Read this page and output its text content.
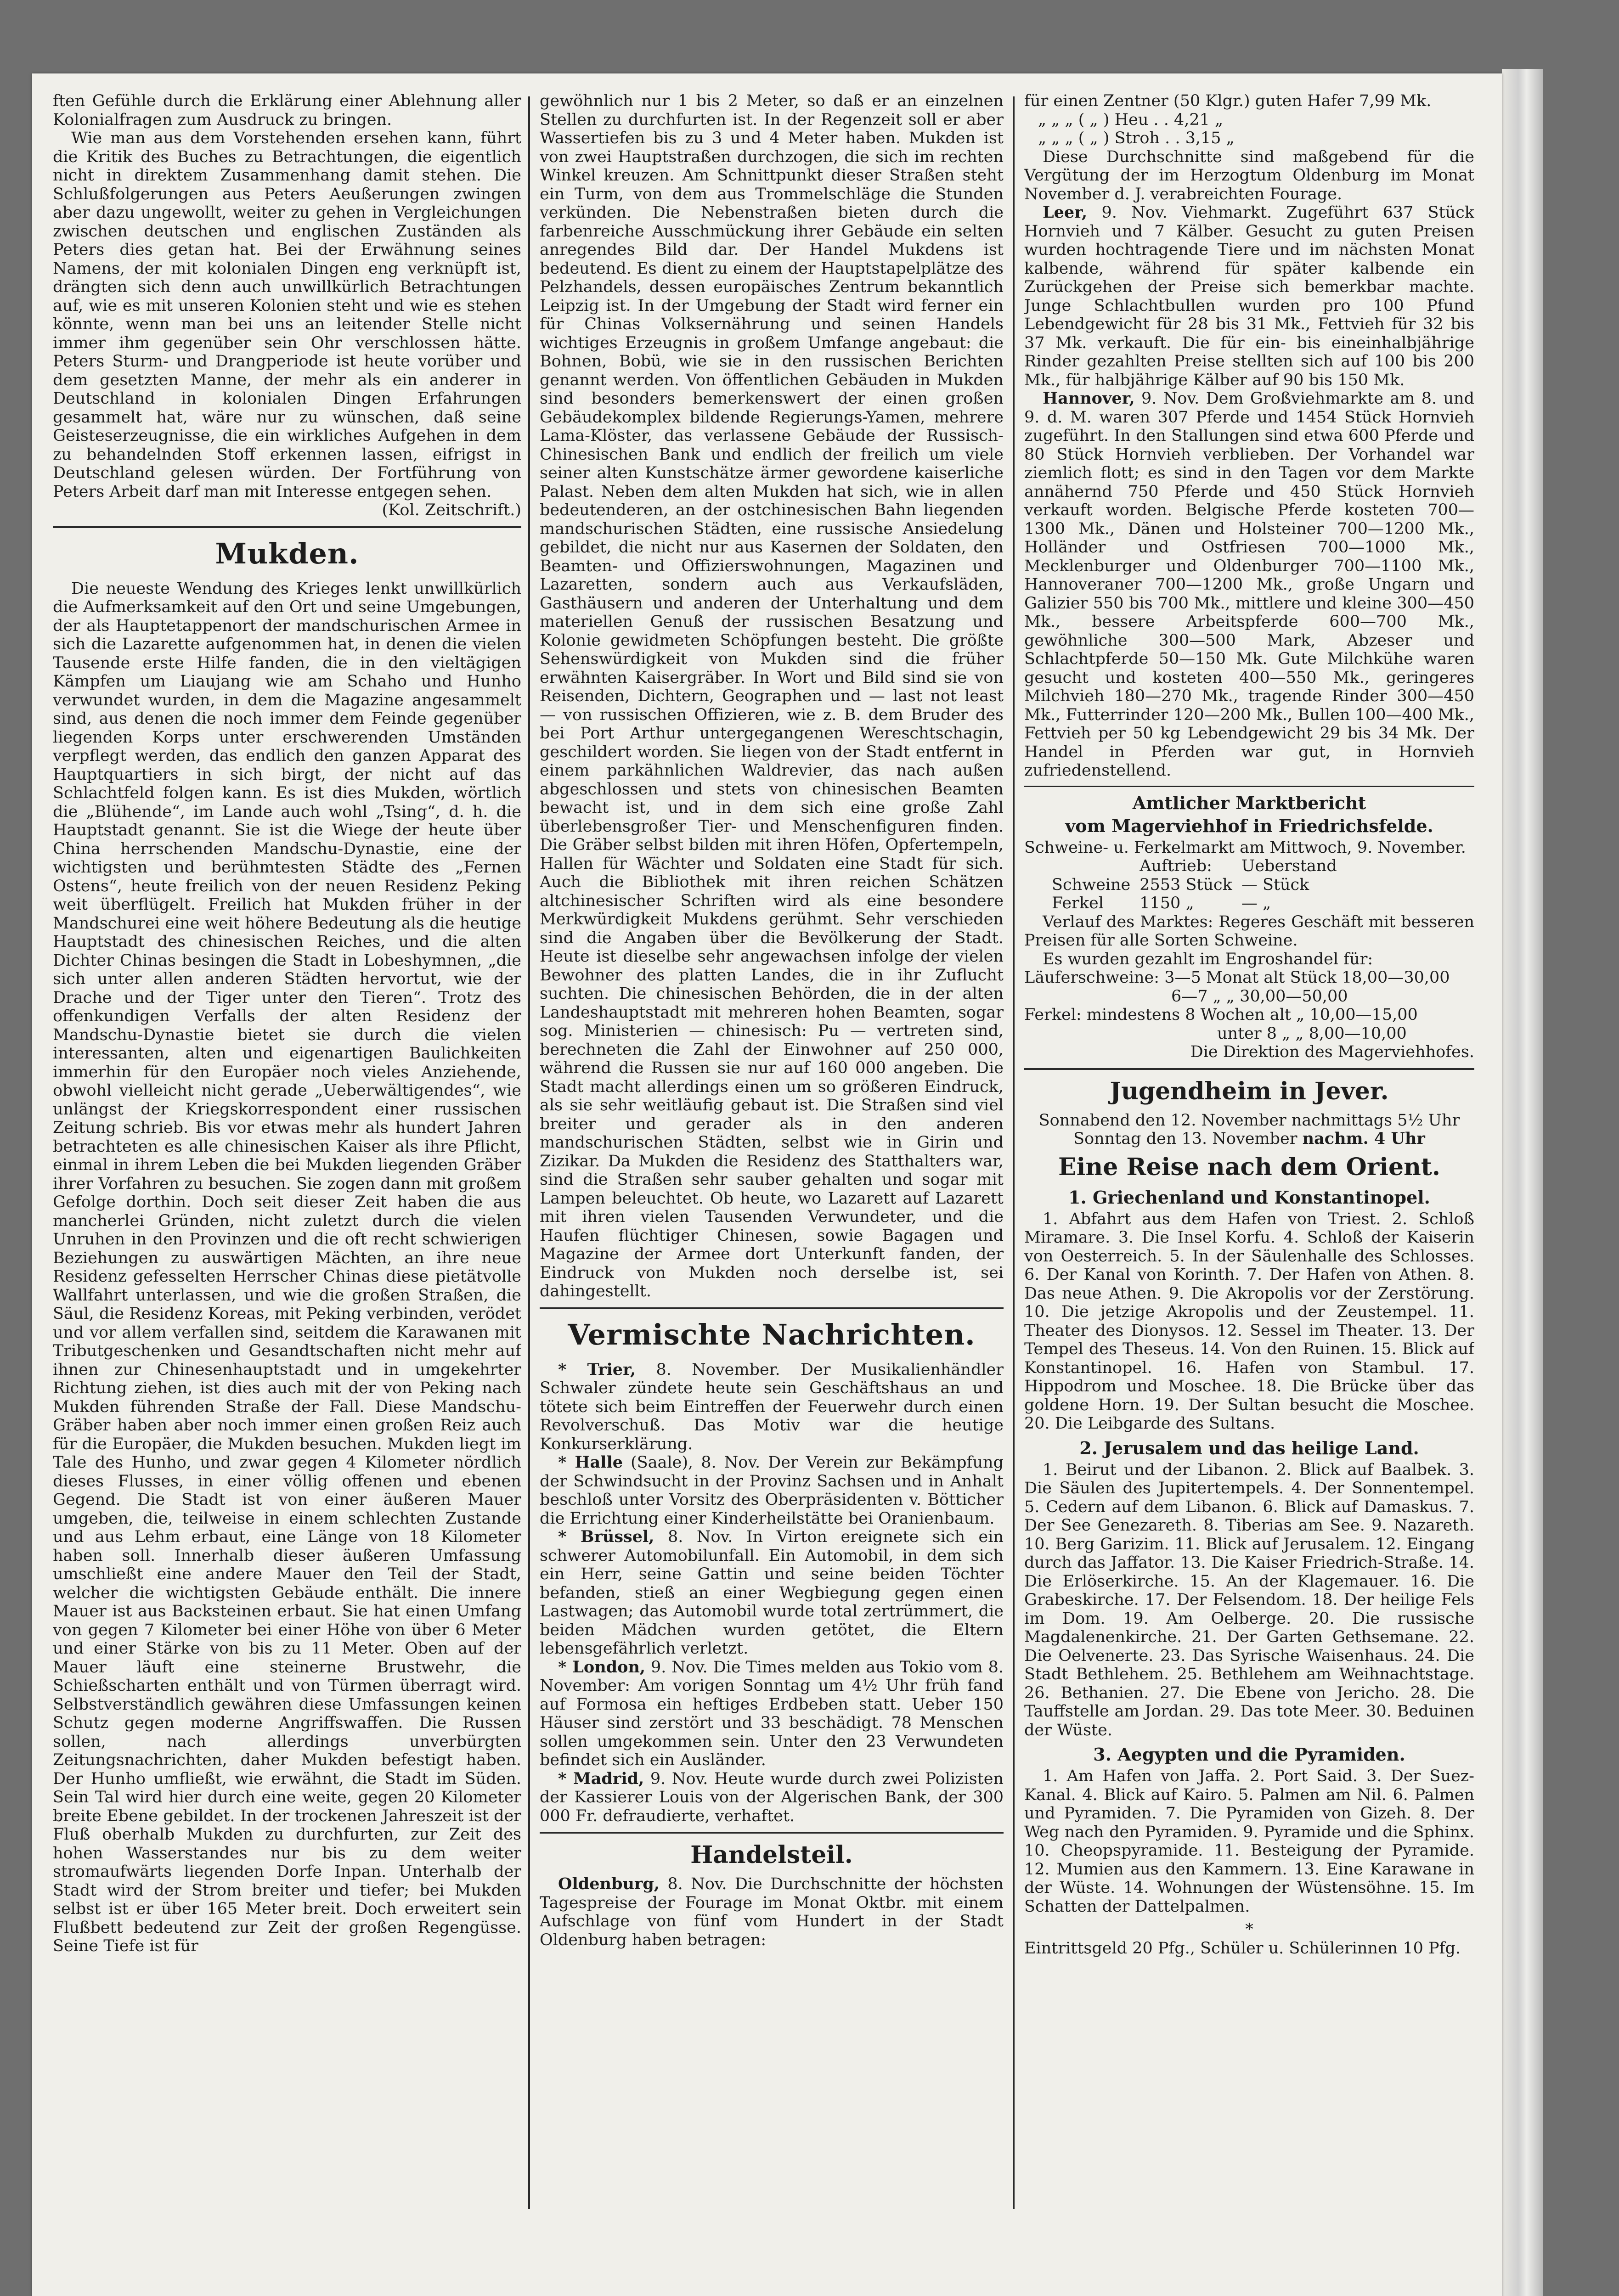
ften Gefühle durch die Erklärung einer Ablehnung aller Kolonialfragen zum Ausdruck zu bringen.

Wie man aus dem Vorstehenden ersehen kann, führt die Kritik des Buches zu Betrachtungen, die eigentlich nicht in direktem Zusammenhang damit stehen. Die Schlußfolgerungen aus Peters Aeußerungen zwingen aber dazu ungewollt, weiter zu gehen in Vergleichungen zwischen deutschen und englischen Zuständen als Peters dies getan hat. Bei der Erwähnung seines Namens, der mit kolonialen Dingen eng verknüpft ist, drängten sich denn auch unwillkürlich Betrachtungen auf, wie es mit unseren Kolonien steht und wie es stehen könnte, wenn man bei uns an leitender Stelle nicht immer ihm gegenüber sein Ohr verschlossen hätte. Peters Sturm- und Drangperiode ist heute vorüber und dem gesetzten Manne, der mehr als ein anderer in Deutschland in kolonialen Dingen Erfahrungen gesammelt hat, wäre nur zu wünschen, daß seine Geisteserzeugnisse, die ein wirkliches Aufgehen in dem zu behandelnden Stoff erkennen lassen, eifrigst in Deutschland gelesen würden. Der Fortführung von Peters Arbeit darf man mit Interesse entgegen sehen.

(Kol. Zeitschrift.)

Mukden.

Die neueste Wendung des Krieges lenkt unwillkürlich die Aufmerksamkeit auf den Ort und seine Umgebungen, der als Hauptetappenort der mandschurischen Armee in sich die Lazarette aufgenommen hat, in denen die vielen Tausende erste Hilfe fanden, die in den vieltägigen Kämpfen um Liaujang wie am Schaho und Hunho verwundet wurden, in dem die Magazine angesammelt sind, aus denen die noch immer dem Feinde gegenüber liegenden Korps unter erschwerenden Umständen verpflegt werden, das endlich den ganzen Apparat des Hauptquartiers in sich birgt, der nicht auf das Schlachtfeld folgen kann. Es ist dies Mukden, wörtlich die „Blühende“, im Lande auch wohl „Tsing“, d. h. die Hauptstadt genannt. Sie ist die Wiege der heute über China herrschenden Mandschu-Dynastie, eine der wichtigsten und berühmtesten Städte des „Fernen Ostens“, heute freilich von der neuen Residenz Peking weit überflügelt. Freilich hat Mukden früher in der Mandschurei eine weit höhere Bedeutung als die heutige Hauptstadt des chinesischen Reiches, und die alten Dichter Chinas besingen die Stadt in Lobeshymnen, „die sich unter allen anderen Städten hervortut, wie der Drache und der Tiger unter den Tieren“. Trotz des offenkundigen Verfalls der alten Residenz der Mandschu-Dynastie bietet sie durch die vielen interessanten, alten und eigenartigen Baulichkeiten immerhin für den Europäer noch vieles Anziehende, obwohl vielleicht nicht gerade „Ueberwältigendes“, wie unlängst der Kriegskorrespondent einer russischen Zeitung schrieb. Bis vor etwas mehr als hundert Jahren betrachteten es alle chinesischen Kaiser als ihre Pflicht, einmal in ihrem Leben die bei Mukden liegenden Gräber ihrer Vorfahren zu besuchen. Sie zogen dann mit großem Gefolge dorthin. Doch seit dieser Zeit haben die aus mancherlei Gründen, nicht zuletzt durch die vielen Unruhen in den Provinzen und die oft recht schwierigen Beziehungen zu auswärtigen Mächten, an ihre neue Residenz gefesselten Herrscher Chinas diese pietätvolle Wallfahrt unterlassen, und wie die großen Straßen, die Säul, die Residenz Koreas, mit Peking verbinden, verödet und vor allem verfallen sind, seitdem die Karawanen mit Tributgeschenken und Gesandtschaften nicht mehr auf ihnen zur Chinesenhauptstadt und in umgekehrter Richtung ziehen, ist dies auch mit der von Peking nach Mukden führenden Straße der Fall. Diese Mandschu-Gräber haben aber noch immer einen großen Reiz auch für die Europäer, die Mukden besuchen. Mukden liegt im Tale des Hunho, und zwar gegen 4 Kilometer nördlich dieses Flusses, in einer völlig offenen und ebenen Gegend. Die Stadt ist von einer äußeren Mauer umgeben, die, teilweise in einem schlechten Zustande und aus Lehm erbaut, eine Länge von 18 Kilometer haben soll. Innerhalb dieser äußeren Umfassung umschließt eine andere Mauer den Teil der Stadt, welcher die wichtigsten Gebäude enthält. Die innere Mauer ist aus Backsteinen erbaut. Sie hat einen Umfang von gegen 7 Kilometer bei einer Höhe von über 6 Meter und einer Stärke von bis zu 11 Meter. Oben auf der Mauer läuft eine steinerne Brustwehr, die Schießscharten enthält und von Türmen überragt wird. Selbstverständlich gewähren diese Umfassungen keinen Schutz gegen moderne Angriffswaffen. Die Russen sollen, nach allerdings unverbürgten Zeitungsnachrichten, daher Mukden befestigt haben. Der Hunho umfließt, wie erwähnt, die Stadt im Süden. Sein Tal wird hier durch eine weite, gegen 20 Kilometer breite Ebene gebildet. In der trockenen Jahreszeit ist der Fluß oberhalb Mukden zu durchfurten, zur Zeit des hohen Wasserstandes nur bis zu dem weiter stromaufwärts liegenden Dorfe Inpan. Unterhalb der Stadt wird der Strom breiter und tiefer; bei Mukden selbst ist er über 165 Meter breit. Doch erweitert sein Flußbett bedeutend zur Zeit der großen Regengüsse. Seine Tiefe ist für

gewöhnlich nur 1 bis 2 Meter, so daß er an einzelnen Stellen zu durchfurten ist. In der Regenzeit soll er aber Wassertiefen bis zu 3 und 4 Meter haben. Mukden ist von zwei Hauptstraßen durchzogen, die sich im rechten Winkel kreuzen. Am Schnittpunkt dieser Straßen steht ein Turm, von dem aus Trommelschläge die Stunden verkünden. Die Nebenstraßen bieten durch die farbenreiche Ausschmückung ihrer Gebäude ein selten anregendes Bild dar. Der Handel Mukdens ist bedeutend. Es dient zu einem der Hauptstapelplätze des Pelzhandels, dessen europäisches Zentrum bekanntlich Leipzig ist. In der Umgebung der Stadt wird ferner ein für Chinas Volksernährung und seinen Handels wichtiges Erzeugnis in großem Umfange angebaut: die Bohnen, Bobü, wie sie in den russischen Berichten genannt werden. Von öffentlichen Gebäuden in Mukden sind besonders bemerkenswert der einen großen Gebäudekomplex bildende Regierungs-Yamen, mehrere Lama-Klöster, das verlassene Gebäude der Russisch-Chinesischen Bank und endlich der freilich um viele seiner alten Kunstschätze ärmer gewordene kaiserliche Palast. Neben dem alten Mukden hat sich, wie in allen bedeutenderen, an der ostchinesischen Bahn liegenden mandschurischen Städten, eine russische Ansiedelung gebildet, die nicht nur aus Kasernen der Soldaten, den Beamten- und Offizierswohnungen, Magazinen und Lazaretten, sondern auch aus Verkaufsläden, Gasthäusern und anderen der Unterhaltung und dem materiellen Genuß der russischen Besatzung und Kolonie gewidmeten Schöpfungen besteht. Die größte Sehenswürdigkeit von Mukden sind die früher erwähnten Kaisergräber. In Wort und Bild sind sie von Reisenden, Dichtern, Geographen und — last not least — von russischen Offizieren, wie z. B. dem Bruder des bei Port Arthur untergegangenen Wereschtschagin, geschildert worden. Sie liegen von der Stadt entfernt in einem parkähnlichen Waldrevier, das nach außen abgeschlossen und stets von chinesischen Beamten bewacht ist, und in dem sich eine große Zahl überlebensgroßer Tier- und Menschenfiguren finden. Die Gräber selbst bilden mit ihren Höfen, Opfertempeln, Hallen für Wächter und Soldaten eine Stadt für sich. Auch die Bibliothek mit ihren reichen Schätzen altchinesischer Schriften wird als eine besondere Merkwürdigkeit Mukdens gerühmt. Sehr verschieden sind die Angaben über die Bevölkerung der Stadt. Heute ist dieselbe sehr angewachsen infolge der vielen Bewohner des platten Landes, die in ihr Zuflucht suchten. Die chinesischen Behörden, die in der alten Landeshauptstadt mit mehreren hohen Beamten, sogar sog. Ministerien — chinesisch: Pu — vertreten sind, berechneten die Zahl der Einwohner auf 250 000, während die Russen sie nur auf 160 000 angeben. Die Stadt macht allerdings einen um so größeren Eindruck, als sie sehr weitläufig gebaut ist. Die Straßen sind viel breiter und gerader als in den anderen mandschurischen Städten, selbst wie in Girin und Zizikar. Da Mukden die Residenz des Statthalters war, sind die Straßen sehr sauber gehalten und sogar mit Lampen beleuchtet. Ob heute, wo Lazarett auf Lazarett mit ihren vielen Tausenden Verwundeter, und die Haufen flüchtiger Chinesen, sowie Bagagen und Magazine der Armee dort Unterkunft fanden, der Eindruck von Mukden noch derselbe ist, sei dahingestellt.

Vermischte Nachrichten.

* Trier, 8. November. Der Musikalienhändler Schwaler zündete heute sein Geschäftshaus an und tötete sich beim Eintreffen der Feuerwehr durch einen Revolverschuß. Das Motiv war die heutige Konkurserklärung.

* Halle (Saale), 8. Nov. Der Verein zur Bekämpfung der Schwindsucht in der Provinz Sachsen und in Anhalt beschloß unter Vorsitz des Oberpräsidenten v. Bötticher die Errichtung einer Kinderheilstätte bei Oranienbaum.

* Brüssel, 8. Nov. In Virton ereignete sich ein schwerer Automobilunfall. Ein Automobil, in dem sich ein Herr, seine Gattin und seine beiden Töchter befanden, stieß an einer Wegbiegung gegen einen Lastwagen; das Automobil wurde total zertrümmert, die beiden Mädchen wurden getötet, die Eltern lebensgefährlich verletzt.

* London, 9. Nov. Die Times melden aus Tokio vom 8. November: Am vorigen Sonntag um 4½ Uhr früh fand auf Formosa ein heftiges Erdbeben statt. Ueber 150 Häuser sind zerstört und 33 beschädigt. 78 Menschen sollen umgekommen sein. Unter den 23 Verwundeten befindet sich ein Ausländer.

* Madrid, 9. Nov. Heute wurde durch zwei Polizisten der Kassierer Louis von der Algerischen Bank, der 300 000 Fr. defraudierte, verhaftet.

Handelsteil.

Oldenburg, 8. Nov. Die Durchschnitte der höchsten Tagespreise der Fourage im Monat Oktbr. mit einem Aufschlage von fünf vom Hundert in der Stadt Oldenburg haben betragen:

für einen Zentner (50 Klgr.) guten Hafer 7,99 Mk.

„ „ „ ( „ ) Heu . . 4,21 „

„ „ „ ( „ ) Stroh . . 3,15 „

Diese Durchschnitte sind maßgebend für die Vergütung der im Herzogtum Oldenburg im Monat November d. J. verabreichten Fourage.

Leer, 9. Nov. Viehmarkt. Zugeführt 637 Stück Hornvieh und 7 Kälber. Gesucht zu guten Preisen wurden hochtragende Tiere und im nächsten Monat kalbende, während für später kalbende ein Zurückgehen der Preise sich bemerkbar machte. Junge Schlachtbullen wurden pro 100 Pfund Lebendgewicht für 28 bis 31 Mk., Fettvieh für 32 bis 37 Mk. verkauft. Die für ein- bis eineinhalbjährige Rinder gezahlten Preise stellten sich auf 100 bis 200 Mk., für halbjährige Kälber auf 90 bis 150 Mk.

Hannover, 9. Nov. Dem Großviehmarkte am 8. und 9. d. M. waren 307 Pferde und 1454 Stück Hornvieh zugeführt. In den Stallungen sind etwa 600 Pferde und 80 Stück Hornvieh verblieben. Der Vorhandel war ziemlich flott; es sind in den Tagen vor dem Markte annähernd 750 Pferde und 450 Stück Hornvieh verkauft worden. Belgische Pferde kosteten 700—1300 Mk., Dänen und Holsteiner 700—1200 Mk., Holländer und Ostfriesen 700—1000 Mk., Mecklenburger und Oldenburger 700—1100 Mk., Hannoveraner 700—1200 Mk., große Ungarn und Galizier 550 bis 700 Mk., mittlere und kleine 300—450 Mk., bessere Arbeitspferde 600—700 Mk., gewöhnliche 300—500 Mark, Abzeser und Schlachtpferde 50—150 Mk. Gute Milchkühe waren gesucht und kosteten 400—550 Mk., geringeres Milchvieh 180—270 Mk., tragende Rinder 300—450 Mk., Futterrinder 120—200 Mk., Bullen 100—400 Mk., Fettvieh per 50 kg Lebendgewicht 29 bis 34 Mk. Der Handel in Pferden war gut, in Hornvieh zufriedenstellend.

Amtlicher Marktbericht
vom Magerviehhof in Friedrichsfelde.

Schweine- u. Ferkelmarkt am Mittwoch, 9. November.

	Auftrieb:	Ueberstand
Schweine	2553 Stück	— Stück
Ferkel	1150 „	— „

Verlauf des Marktes: Regeres Geschäft mit besseren Preisen für alle Sorten Schweine.

Es wurden gezahlt im Engroshandel für:

Läuferschweine: 3—5 Monat alt Stück 18,00—30,00

6—7 „ „ 30,00—50,00

Ferkel: mindestens 8 Wochen alt „ 10,00—15,00

unter 8 „ „ 8,00—10,00

Die Direktion des Magerviehhofes.

Jugendheim in Jever.

Sonnabend den 12. November nachmittags 5½ Uhr

Sonntag den 13. November nachm. 4 Uhr

Eine Reise nach dem Orient.
1. Griechenland und Konstantinopel.

1. Abfahrt aus dem Hafen von Triest. 2. Schloß Miramare. 3. Die Insel Korfu. 4. Schloß der Kaiserin von Oesterreich. 5. In der Säulenhalle des Schlosses. 6. Der Kanal von Korinth. 7. Der Hafen von Athen. 8. Das neue Athen. 9. Die Akropolis vor der Zerstörung. 10. Die jetzige Akropolis und der Zeustempel. 11. Theater des Dionysos. 12. Sessel im Theater. 13. Der Tempel des Theseus. 14. Von den Ruinen. 15. Blick auf Konstantinopel. 16. Hafen von Stambul. 17. Hippodrom und Moschee. 18. Die Brücke über das goldene Horn. 19. Der Sultan besucht die Moschee. 20. Die Leibgarde des Sultans.

2. Jerusalem und das heilige Land.

1. Beirut und der Libanon. 2. Blick auf Baalbek. 3. Die Säulen des Jupitertempels. 4. Der Sonnentempel. 5. Cedern auf dem Libanon. 6. Blick auf Damaskus. 7. Der See Genezareth. 8. Tiberias am See. 9. Nazareth. 10. Berg Garizim. 11. Blick auf Jerusalem. 12. Eingang durch das Jaffator. 13. Die Kaiser Friedrich-Straße. 14. Die Erlöserkirche. 15. An der Klagemauer. 16. Die Grabeskirche. 17. Der Felsendom. 18. Der heilige Fels im Dom. 19. Am Oelberge. 20. Die russische Magdalenenkirche. 21. Der Garten Gethsemane. 22. Die Oelvenerte. 23. Das Syrische Waisenhaus. 24. Die Stadt Bethlehem. 25. Bethlehem am Weihnachtstage. 26. Bethanien. 27. Die Ebene von Jericho. 28. Die Tauffstelle am Jordan. 29. Das tote Meer. 30. Beduinen der Wüste.

3. Aegypten und die Pyramiden.

1. Am Hafen von Jaffa. 2. Port Said. 3. Der Suez-Kanal. 4. Blick auf Kairo. 5. Palmen am Nil. 6. Palmen und Pyramiden. 7. Die Pyramiden von Gizeh. 8. Der Weg nach den Pyramiden. 9. Pyramide und die Sphinx. 10. Cheopspyramide. 11. Besteigung der Pyramide. 12. Mumien aus den Kammern. 13. Eine Karawane in der Wüste. 14. Wohnungen der Wüstensöhne. 15. Im Schatten der Dattelpalmen.

*

Eintrittsgeld 20 Pfg., Schüler u. Schülerinnen 10 Pfg.
